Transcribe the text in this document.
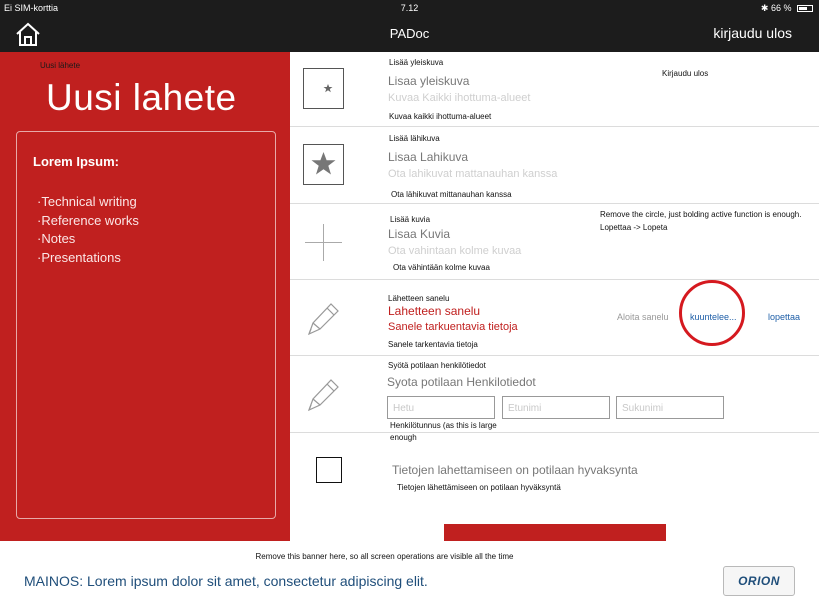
Ei SIM-korttia	7.12	✱ 66 %
PADoc	kirjaudu ulos
Uusi lähete
Uusi lahete
Lorem Ipsum:
· Technical writing
· Reference works
· Notes
· Presentations
Lisää yleiskuva
Lisaa yleiskuva
Kuvaa Kaikki ihottuma-alueet
Kuvaa kaikki ihottuma-alueet
Kirjaudu ulos
Lisää lähikuva
Lisaa Lahikuva
Ota lahikuvat mattanauhan kanssa
Ota lähikuvat mittanauhan kanssa
Lisää kuvia
Lisaa Kuvia
Ota vahintaan kolme kuvaa
Ota vähintään kolme kuvaa
Remove the circle, just bolding active function is enough. Lopettaa -> Lopeta
Lähetteen sanelu
Lahetteen sanelu
Sanele tarkuentavia tietoja
Sanele tarkentavia tietoja
Aloita sanelu kuuntelee...	lopettaa
Syötä potilaan henkilötiedot
Syota potilaan Henkilotiedot
Hetu	Etunimi	Sukunimi
Henkilötunnus (as this is large enough
Tietojen lahettamiseen on potilaan hyvaksynta
Tietojen lähettämiseen on potilaan hyväksyntä
Remove this banner here, so all screen operations are visible all the time
MAINOS: Lorem ipsum dolor sit amet, consectetur adipiscing elit.	ORION
